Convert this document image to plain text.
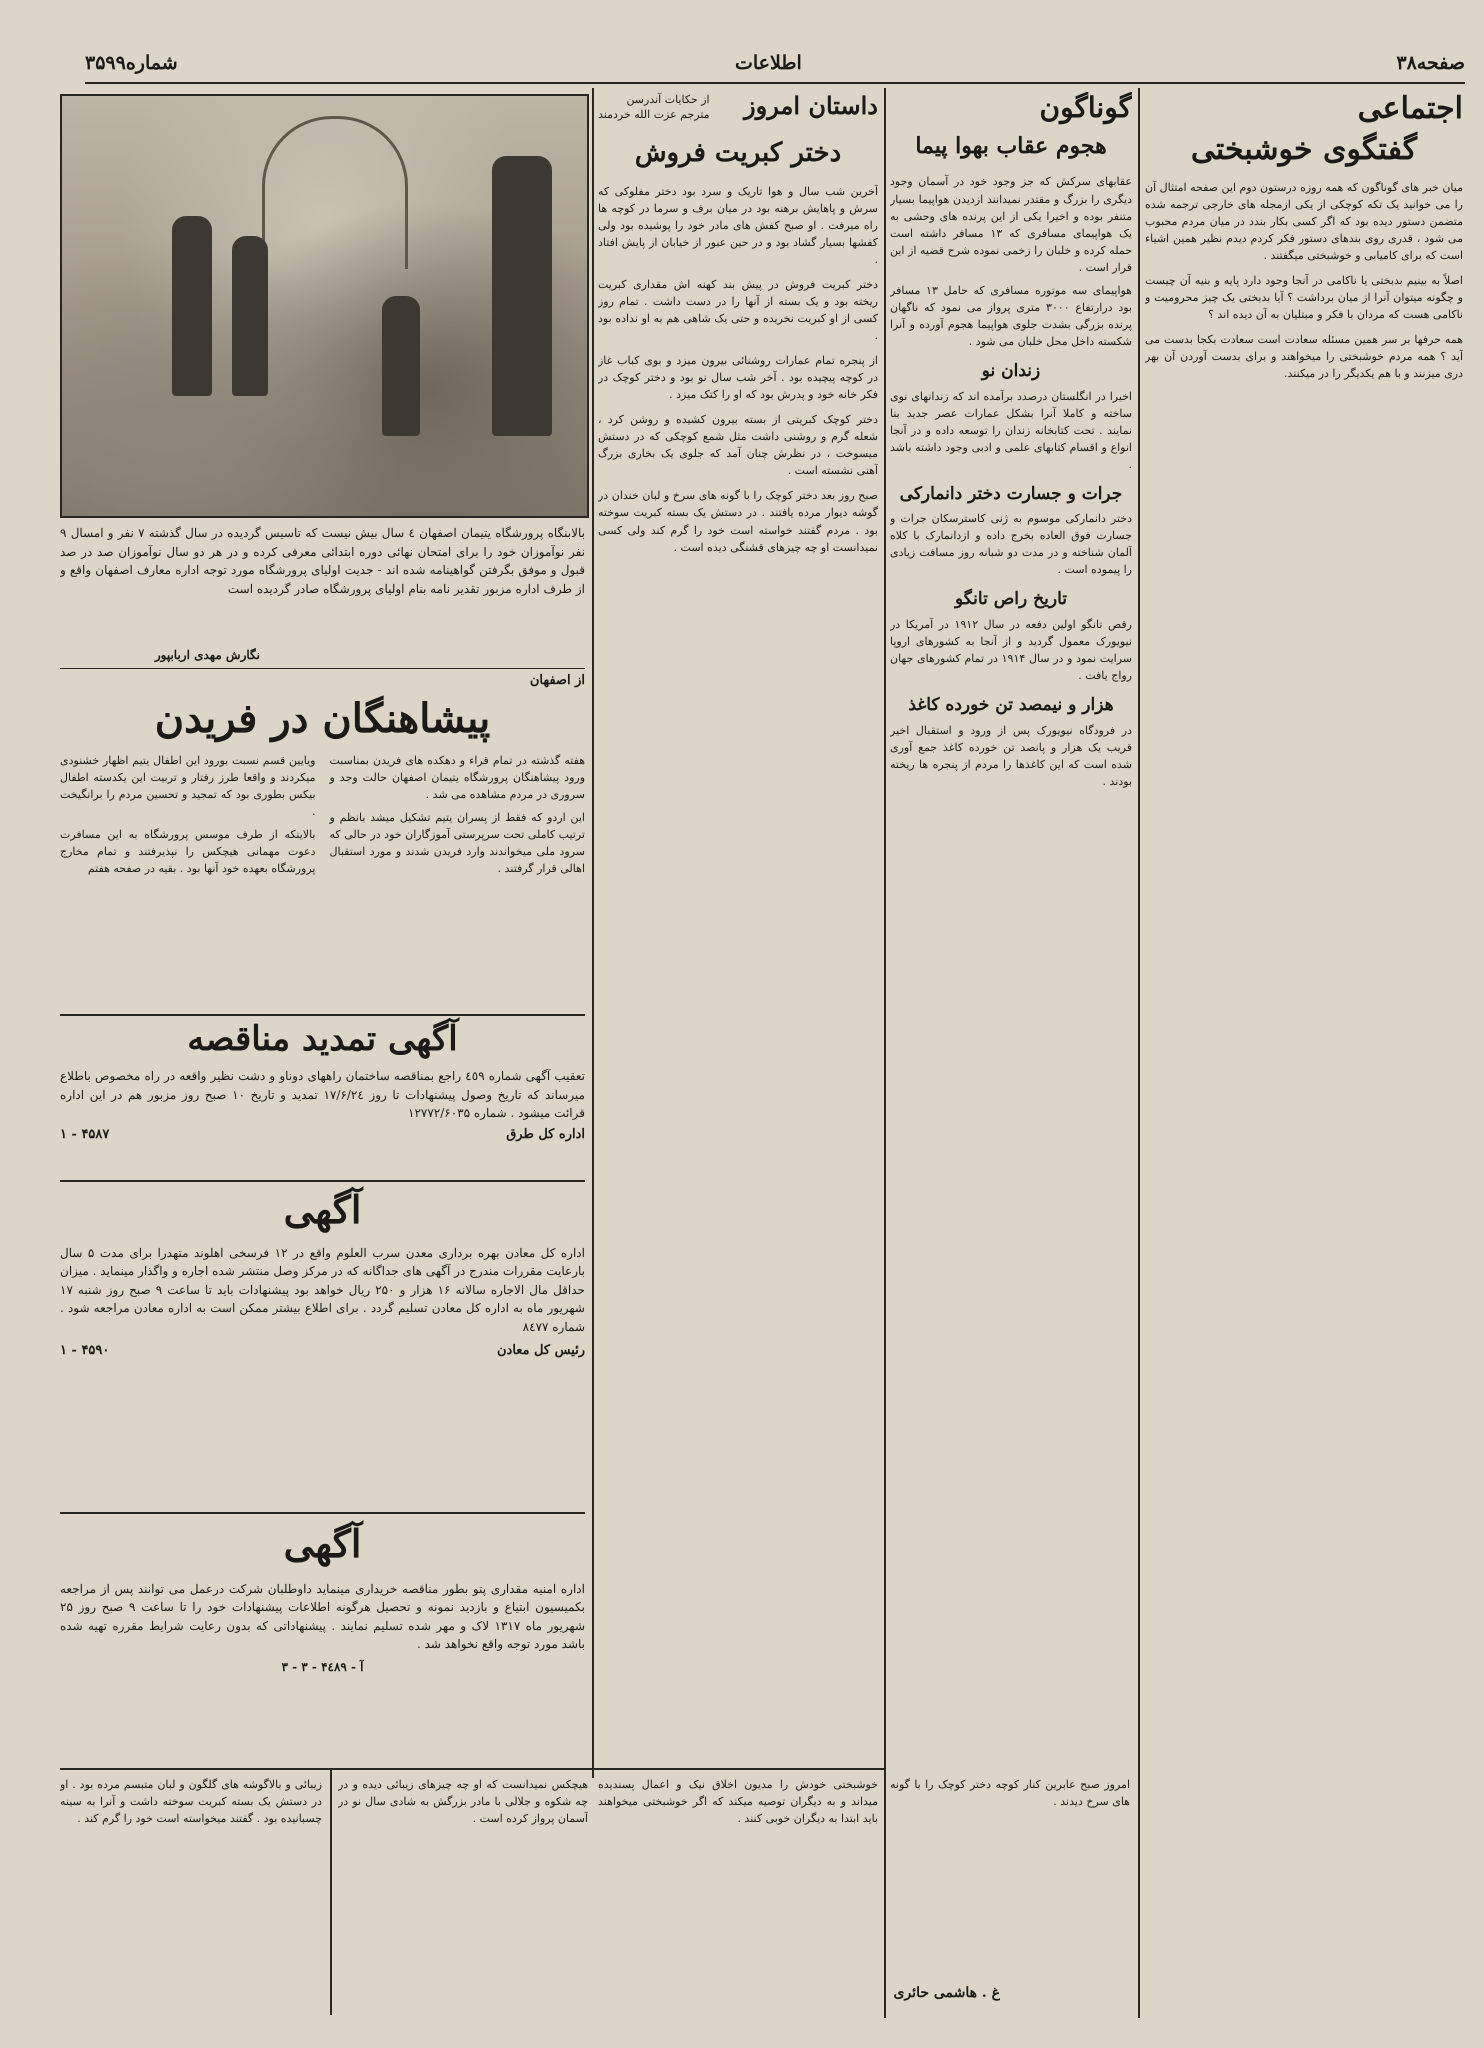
شماره۳۵۹۹	اطلاعات	صفحه۳۸
اجتماعی
گفتگوی خوشبختی
میان خبر های گوناگون که همه روزه درستون دوم این صفحه امتثال آن را می خوانید یک تکه کوچکی از یکی ازمجله های خارجی ترجمه شده متضمن دستور دیده بود که اگر کسی بکار بندد در میان مردم محبوب می شود ، قدری روی بندهای دستور فکر کردم دیدم نظیر همین اشیاء است که برای کامیابی و خوشبختی میگفتند .
اصلاً به بینیم بدبختی یا ناکامی در آنجا وجود دارد پایه و بنیه آن چیست و چگونه میتوان آنرا از میان برداشت ؟ آیا بدبختی یک چیز محرومیت و ناکامی هست که مردان با فکر و مبتلیان به آن دیده اند ؟
همه حرفها بر سر همین مسئله سعادت است سعادت بکجا بدست می آید ؟ همه مردم خوشبختی را میخواهند و برای بدست آوردن آن بهر دری میزنند و با هم یکدیگر را در میکنند.
گوناگون
هجوم عقاب بهوا پیما
عقابهای سرکش که جز وجود خود در آسمان وجود دیگری را بزرگ و مقتدر نمیدانند ازدیدن هواپیما بسیار متنفر بوده و اخیرا یکی از این پرنده های وحشی به یک هواپیمای مسافری که ۱۳ مسافر داشته است حمله کرده و خلبان را زخمی نموده شرح قضیه از این قرار است .
هواپیمای سه موتوره مسافری که حامل ۱۳ مسافر بود درارتفاع ۳۰۰۰ متری پرواز می نمود که ناگهان پرنده بزرگی بشدت جلوی هواپیما هجوم آورده و آنرا شکسته داخل محل خلبان می شود .
زندان نو
اخیرا در انگلستان درصدد برآمده اند که زندانهای نوی ساخته و کاملا آنرا بشکل عمارات عصر جدید بنا نمایند . تحت کتابخانه زندان را توسعه داده و در آنجا انواع و اقسام کتابهای علمی و ادبی وجود داشته باشد .
جرات و جسارت دختر دانمارکی
دختر دانمارکی موسوم به ژنی کاسترسکان جرات و جسارت فوق العاده بخرج داده و ازدانمارک با کلاه آلمان شناخته و در مدت دو شبانه روز مسافت زیادی را پیموده است .
تاریخ راص تانگو
رقص تانگو اولین دفعه در سال ۱۹۱۲ در آمریکا در نیویورک معمول گردید و از آنجا به کشورهای اروپا سرایت نمود و در سال ۱۹۱۴ در تمام کشورهای جهان رواج یافت .
هزار و نیمصد تن خورده کاغذ
در فرودگاه نیویورک پس از ورود و استقبال اخیر قریب یک هزار و پانصد تن خورده کاغذ جمع آوری شده است که این کاغذها را مردم از پنجره ها ریخته بودند .
داستان امروز
از حکایات آندرسن
مترجم عزت الله خردمند
دختر کبریت فروش
آخرین شب سال و هوا تاریک و سرد بود دختر مفلوکی که سرش و پاهایش برهنه بود در میان برف و سرما در کوچه ها راه میرفت . او صبح کفش های مادر خود را پوشیده بود ولی کفشها بسیار گشاد بود و در حین عبور از خیابان از پایش افتاد .
دختر کبریت فروش در پیش بند کهنه اش مقداری کبریت ریخته بود و یک بسته از آنها را در دست داشت . تمام روز کسی از او کبریت نخریده و حتی یک شاهی هم به او نداده بود .
از پنجره تمام عمارات روشنائی بیرون میزد و بوی کباب غاز در کوچه پیچیده بود . آخر شب سال نو بود و دختر کوچک در فکر خانه خود و پدرش بود که او را کتک میزد .
دختر کوچک کبریتی از بسته بیرون کشیده و روشن کرد ، شعله گرم و روشنی داشت مثل شمع کوچکی که در دستش میسوخت ، در نظرش چنان آمد که جلوی یک بخاری بزرگ آهنی نشسته است .
صبح روز بعد دختر کوچک را با گونه های سرخ و لبان خندان در گوشه دیوار مرده یافتند . در دستش یک بسته کبریت سوخته بود . مردم گفتند خواسته است خود را گرم کند ولی کسی نمیدانست او چه چیزهای قشنگی دیده است .
غ . هاشمی حائری
بالابنگاه پرورشگاه یتیمان اصفهان ٤ سال بیش نیست که تاسیس گردیده در سال گذشته ۷ نفر و امسال ۹ نفر نوآموزان خود را برای امتحان نهائی دوره ابتدائی معرفی کرده و در هر دو سال نوآموزان صد در صد قبول و موفق بگرفتن گواهینامه شده اند - جدیت اولیای پرورشگاه مورد توجه اداره معارف اصفهان واقع و از طرف اداره مزبور تقدیر نامه بنام اولیای پرورشگاه صادر گردیده است
نگارش مهدی اربابپور
از اصفهان
پیشاهنگان در فریدن
هفته گذشته در تمام قراء و دهکده های فریدن بمناسبت ورود پیشاهنگان پرورشگاه یتیمان اصفهان حالت وجد و سروری در مردم مشاهده می شد .
این اردو که فقط از پسران یتیم تشکیل میشد بانظم و ترتیب کاملی تحت سرپرستی آموزگاران خود در حالی که سرود ملی میخواندند وارد فریدن شدند و مورد استقبال اهالی قرار گرفتند .
ویایین قسم نسبت بورود این اطفال یتیم اظهار خشنودی میکردند و واقعا طرز رفتار و تربیت این یکدسته اطفال بیکس بطوری بود که تمجید و تحسین مردم را برانگیخت .
بالاینکه از طرف موسس پرورشگاه به این مسافرت دعوت مهمانی هیچکس را نپذیرفتند و تمام مخارج پرورشگاه بعهده خود آنها بود . بقیه در صفحه هفتم
آگهی تمدید مناقصه
تعقیب آگهی شماره ٤٥٩ راجع بمناقصه ساختمان راههای دوناو و دشت نظیر واقعه در راه مخصوص باطلاع میرساند که تاریخ وصول پیشنهادات تا روز ۱۷/۶/۲٤ تمدید و تاریخ ۱۰ صبح روز مزبور هم در این اداره قرائت میشود . شماره ۱۲۷۷۲/۶۰۳۵
اداره کل طرق
۴۵۸۷ - ۱
آگهی
اداره کل معادن بهره برداری معدن سرب العلوم واقع در ۱۲ فرسخی اهلوند متهدرا برای مدت ۵ سال بارعایت مقررات مندرج در آگهی های جداگانه که در مرکز وصل منتشر شده اجاره و واگذار مینماید . میزان حداقل مال الاجاره سالانه ۱۶ هزار و ۲۵۰ ریال خواهد بود پیشنهادات باید تا ساعت ۹ صبح روز شنبه ۱۷ شهریور ماه به اداره کل معادن تسلیم گردد . برای اطلاع بیشتر ممکن است به اداره معادن مراجعه شود . شماره ۸٤۷۷
رئیس کل معادن
۴۵۹۰ - ۱
آگهی
اداره امنیه مقداری پتو بطور مناقصه خریداری مینماید داوطلبان شرکت درعمل می توانند پس از مراجعه بکمیسیون ابتیاع و بازدید نمونه و تحصیل هرگونه اطلاعات پیشنهادات خود را تا ساعت ۹ صبح روز ۲۵ شهریور ماه ۱۳۱۷ لاک و مهر شده تسلیم نمایند . پیشنهاداتی که بدون رعایت شرایط مقرره تهیه شده باشد مورد توجه واقع نخواهد شد .
آ - ۴٤۸۹ - ۳ - ۳
زیبائی و بالاگوشه های گلگون و لبان متبسم مرده بود . او در دستش یک بسته کبریت سوخته داشت و آنرا به سینه چسبانیده بود . گفتند میخواسته است خود را گرم کند .
هیچکس نمیدانست که او چه چیزهای زیبائی دیده و در چه شکوه و جلالی با مادر بزرگش به شادی سال نو در آسمان پرواز کرده است .
خوشبختی خودش را مدیون اخلاق نیک و اعمال پسندیده میداند و به دیگران توصیه میکند که اگر خوشبختی میخواهند باید ابتدا به دیگران خوبی کنند .
امروز صبح عابرین کنار کوچه دختر کوچک را با گونه های سرخ دیدند .
